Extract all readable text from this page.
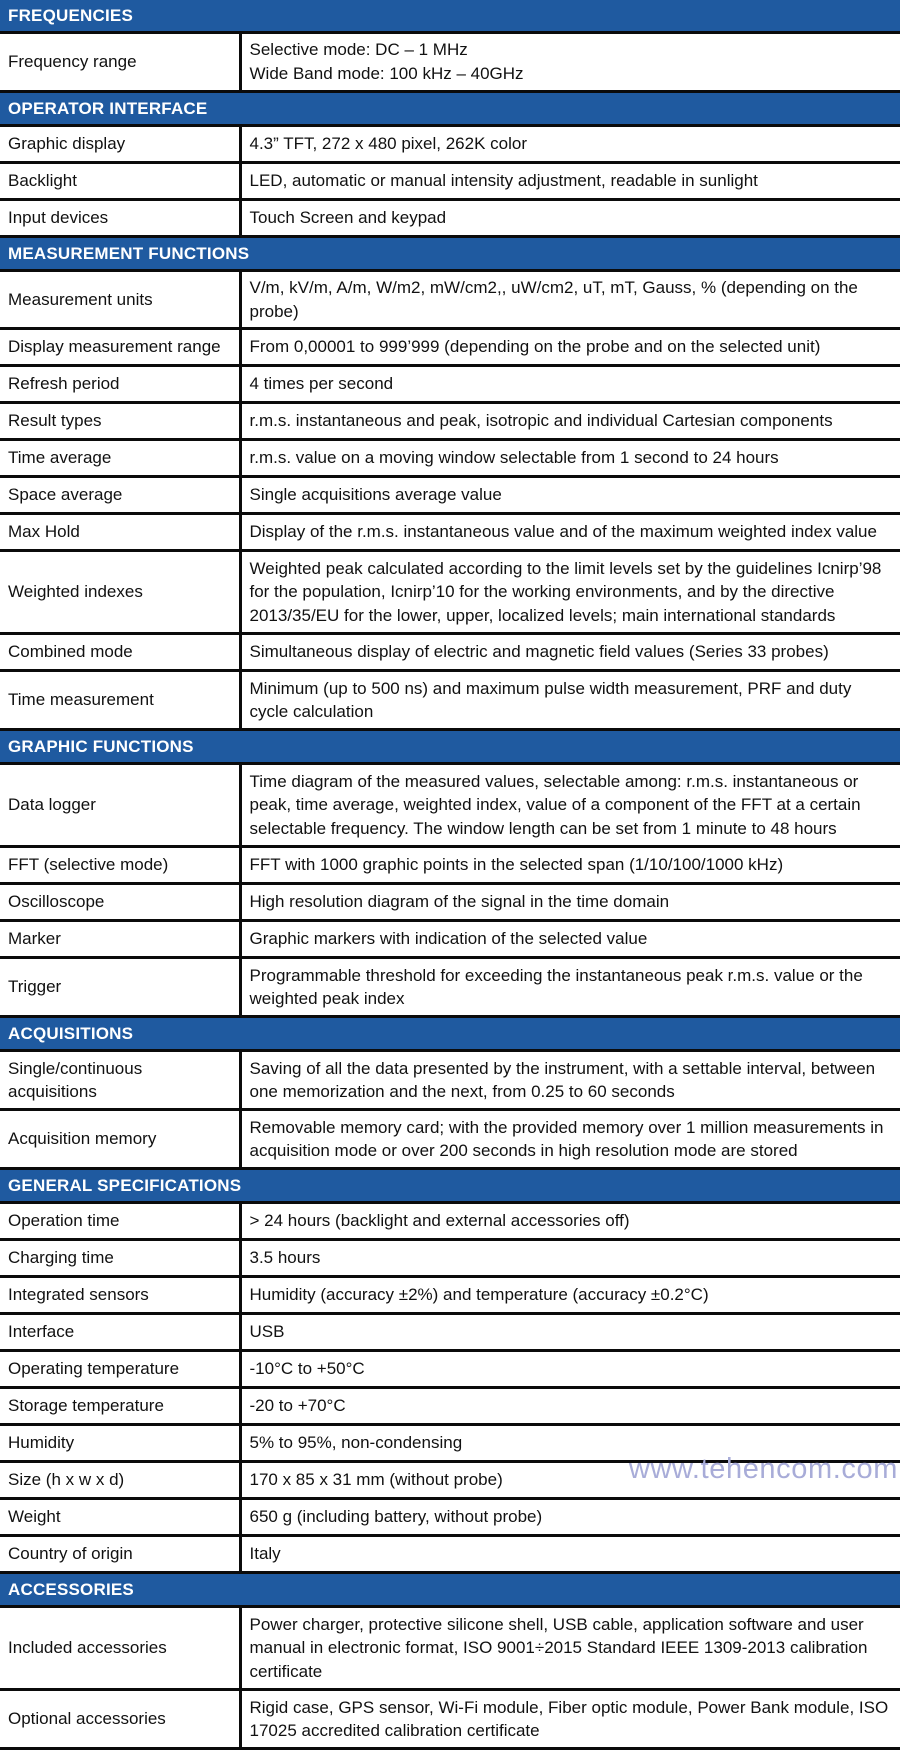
FREQUENCIES	
Frequency range	Selective mode: DC – 1 MHz
Wide Band mode: 100 kHz – 40GHz
OPERATOR INTERFACE	
Graphic display	4.3” TFT, 272 x 480 pixel, 262K color
Backlight	LED, automatic or manual intensity adjustment, readable in sunlight
Input devices	Touch Screen and keypad
MEASUREMENT FUNCTIONS	
Measurement units	V/m, kV/m, A/m, W/m2, mW/cm2,, uW/cm2, uT, mT, Gauss, % (depending on the probe)
Display measurement range	From 0,00001 to 999’999 (depending on the probe and on the selected unit)
Refresh period	4 times per second
Result types	r.m.s. instantaneous and peak, isotropic and individual Cartesian components
Time average	r.m.s. value on a moving window selectable from 1 second to 24 hours
Space average	Single acquisitions average value
Max Hold	Display of the r.m.s. instantaneous value and of the maximum weighted index value
Weighted indexes	Weighted peak calculated according to the limit levels set by the guidelines Icnirp’98
for the population, Icnirp’10 for the working environments, and by the directive
2013/35/EU for the lower, upper, localized levels; main international standards
Combined mode	Simultaneous display of electric and magnetic field values (Series 33 probes)
Time measurement	Minimum (up to 500 ns) and maximum pulse width measurement, PRF and duty
cycle calculation
GRAPHIC FUNCTIONS	
Data logger	Time diagram of the measured values, selectable among: r.m.s. instantaneous or
peak, time average, weighted index, value of a component of the FFT at a certain
selectable frequency. The window length can be set from 1 minute to 48 hours
FFT (selective mode)	FFT with 1000 graphic points in the selected span (1/10/100/1000 kHz)
Oscilloscope	High resolution diagram of the signal in the time domain
Marker	Graphic markers with indication of the selected value
Trigger	Programmable threshold for exceeding the instantaneous peak r.m.s. value or the
weighted peak index
ACQUISITIONS	
Single/continuous
acquisitions	Saving of all the data presented by the instrument, with a settable interval, between
one memorization and the next, from 0.25 to 60 seconds
Acquisition memory	Removable memory card; with the provided memory over 1 million measurements in
acquisition mode or over 200 seconds in high resolution mode are stored
GENERAL SPECIFICATIONS	
Operation time	> 24 hours (backlight and external accessories off)
Charging time	3.5 hours
Integrated sensors	Humidity (accuracy ±2%) and temperature (accuracy ±0.2°C)
Interface	USB
Operating temperature	-10°C to +50°C
Storage temperature	-20 to +70°C
Humidity	5% to 95%, non-condensing
Size (h x w x d)	170 x 85 x 31 mm (without probe)
Weight	650 g (including battery, without probe)
Country of origin	Italy
ACCESSORIES	
Included accessories	Power charger, protective silicone shell, USB cable, application software and user
manual in electronic format, ISO 9001÷2015 Standard IEEE 1309-2013 calibration
certificate
Optional accessories	Rigid case, GPS sensor, Wi-Fi module, Fiber optic module, Power Bank module, ISO
17025 accredited calibration certificate
www.tehencom.com
